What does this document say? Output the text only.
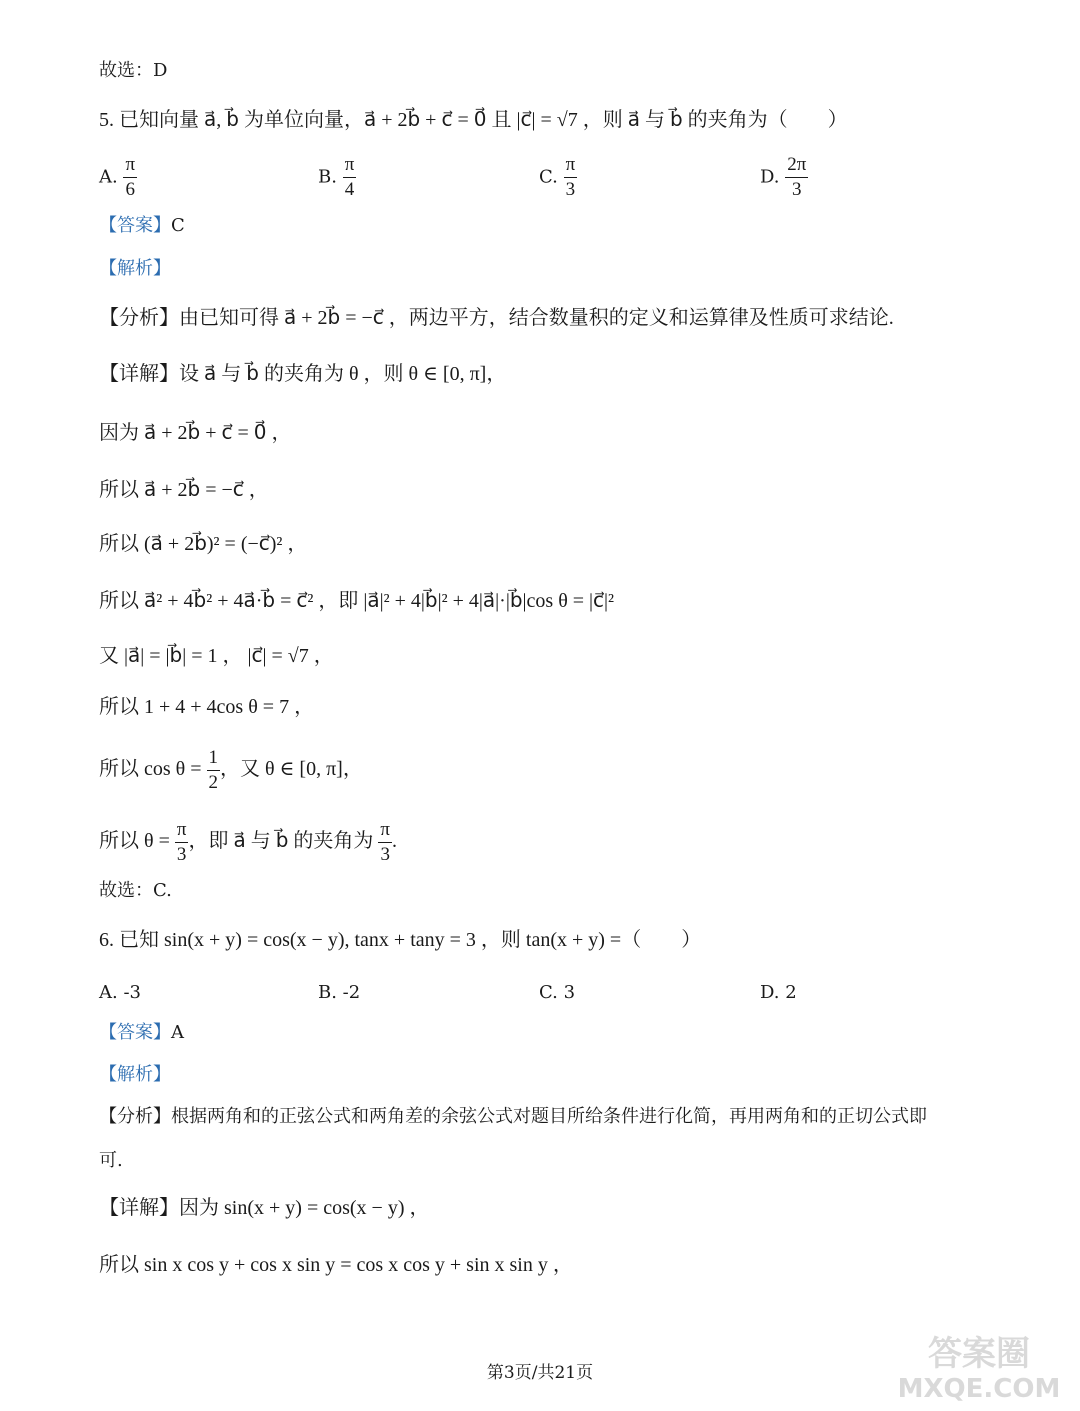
故选：D
5. 已知向量 a⃗, b⃗ 为单位向量，a⃗ + 2b⃗ + c⃗ = 0⃗ 且 |c⃗| = √7 ，则 a⃗ 与 b⃗ 的夹角为（　　）
A. $\frac{\pi}{6}$	B. $\frac{\pi}{4}$	C. $\frac{\pi}{3}$	D. $\frac{2\pi}{3}$
【答案】C
【解析】
【分析】由已知可得 a⃗ + 2b⃗ = −c⃗ ，两边平方，结合数量积的定义和运算律及性质可求结论.
【详解】设 a⃗ 与 b⃗ 的夹角为 θ ，则 θ ∈ [0, π]，
因为 a⃗ + 2b⃗ + c⃗ = 0⃗ ，
所以 a⃗ + 2b⃗ = −c⃗ ，
所以 (a⃗ + 2b⃗)² = (−c⃗)² ，
所以 a⃗² + 4b⃗² + 4a⃗·b⃗ = c⃗² ，即 |a⃗|² + 4|b⃗|² + 4|a⃗|·|b⃗|cos θ = |c⃗|²
又 |a⃗| = |b⃗| = 1 ， |c⃗| = √7 ，
所以 1 + 4 + 4cos θ = 7 ，
所以 $\cos \theta = \frac{1}{2}$ ，又 θ ∈ [0, π]，
所以 $\theta = \frac{\pi}{3}$ ，即 a⃗ 与 b⃗ 的夹角为 $\frac{\pi}{3}$ .
故选：C.
6. 已知 sin(x + y) = cos(x − y), tanx + tany = 3 ，则 tan(x + y) =（　　）
A. -3	B. -2	C. 3	D. 2
【答案】A
【解析】
【分析】根据两角和的正弦公式和两角差的余弦公式对题目所给条件进行化简，再用两角和的正切公式即
可.
【详解】因为 sin(x + y) = cos(x − y) ，
所以 sin x cos y + cos x sin y = cos x cos y + sin x sin y ，
第3页/共21页	答案圈
MXQE.COM
